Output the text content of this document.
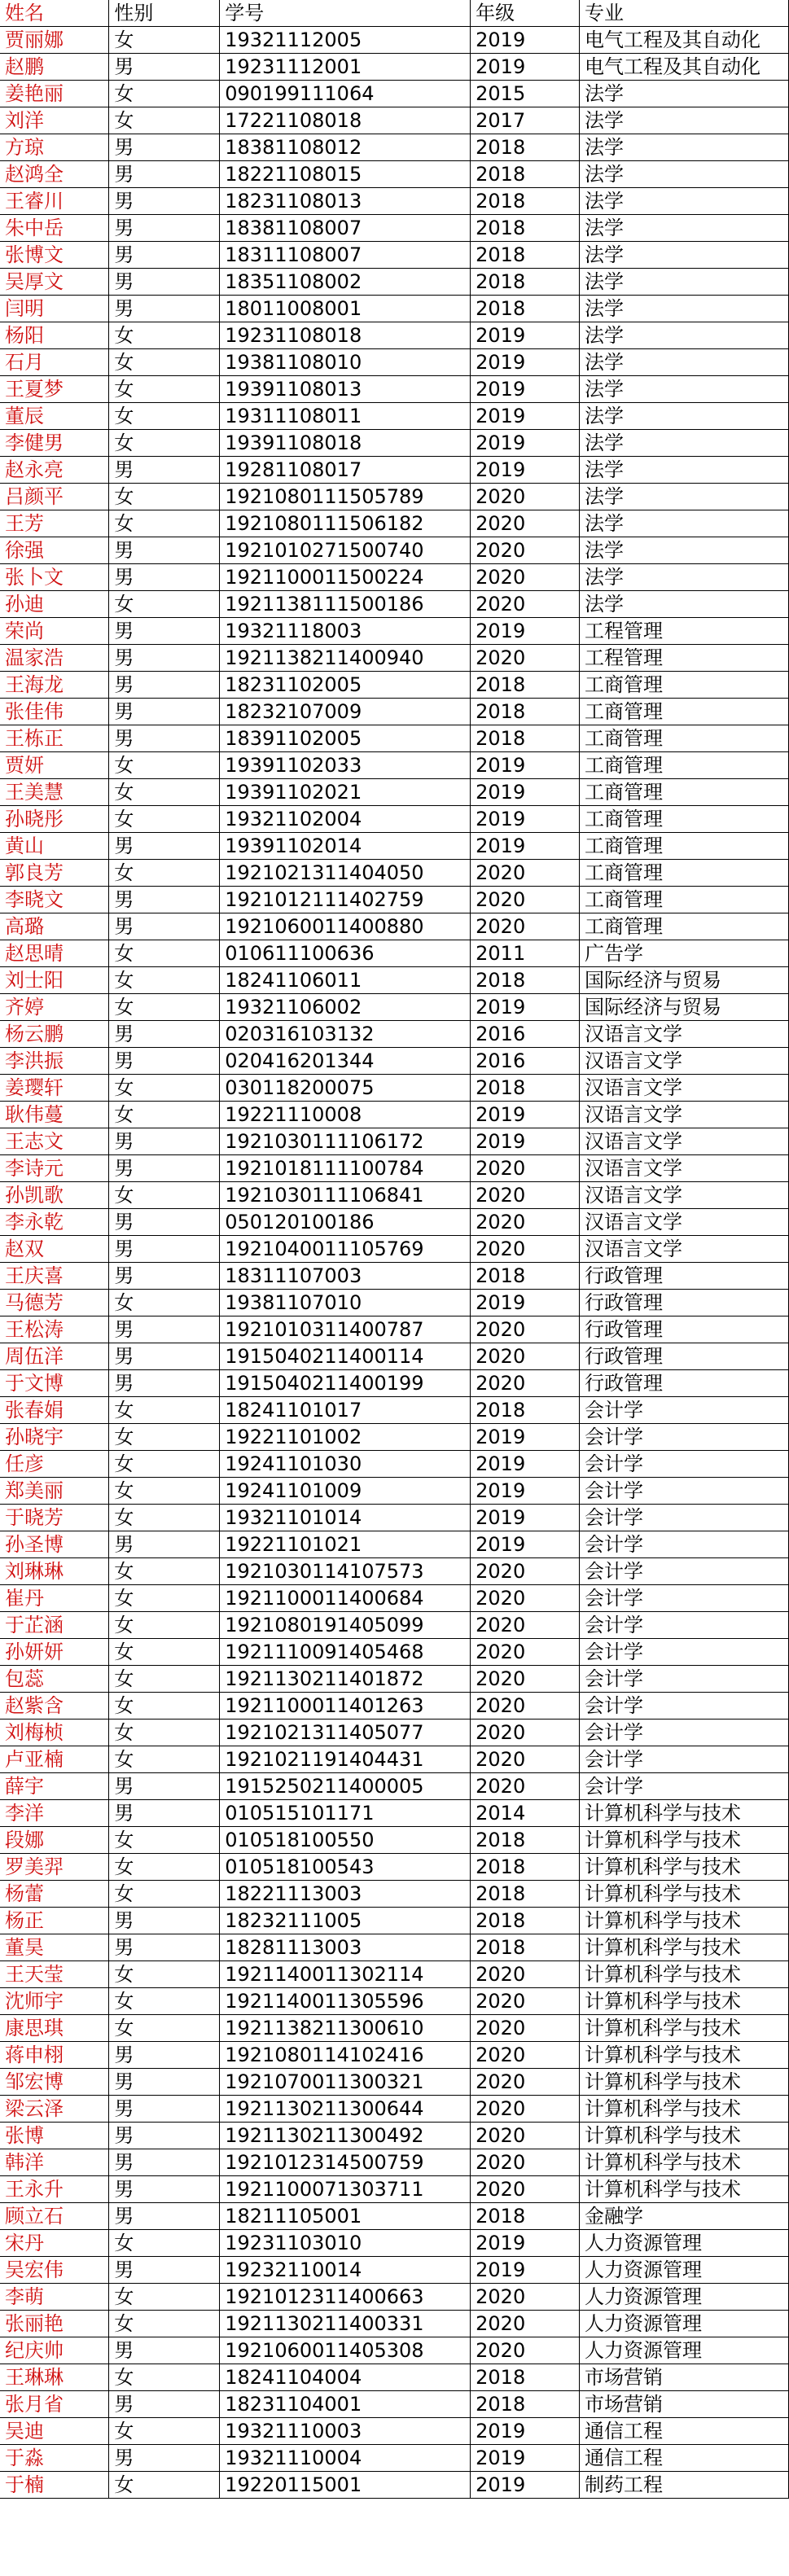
姓名	性别	学号	年级	专业
贾丽娜	女	19321112005	2019	电气工程及其自动化
赵鹏	男	19231112001	2019	电气工程及其自动化
姜艳丽	女	090199111064	2015	法学
刘洋	女	17221108018	2017	法学
方琼	男	18381108012	2018	法学
赵鸿全	男	18221108015	2018	法学
王睿川	男	18231108013	2018	法学
朱中岳	男	18381108007	2018	法学
张博文	男	18311108007	2018	法学
吴厚文	男	18351108002	2018	法学
闫明	男	18011008001	2018	法学
杨阳	女	19231108018	2019	法学
石月	女	19381108010	2019	法学
王夏梦	女	19391108013	2019	法学
董辰	女	19311108011	2019	法学
李健男	女	19391108018	2019	法学
赵永亮	男	19281108017	2019	法学
吕颜平	女	1921080111505789	2020	法学
王芳	女	1921080111506182	2020	法学
徐强	男	1921010271500740	2020	法学
张卜文	男	1921100011500224	2020	法学
孙迪	女	1921138111500186	2020	法学
荣尚	男	19321118003	2019	工程管理
温家浩	男	1921138211400940	2020	工程管理
王海龙	男	18231102005	2018	工商管理
张佳伟	男	18232107009	2018	工商管理
王栋正	男	18391102005	2018	工商管理
贾妍	女	19391102033	2019	工商管理
王美慧	女	19391102021	2019	工商管理
孙晓彤	女	19321102004	2019	工商管理
黄山	男	19391102014	2019	工商管理
郭良芳	女	1921021311404050	2020	工商管理
李晓文	男	1921012111402759	2020	工商管理
高璐	男	1921060011400880	2020	工商管理
赵思晴	女	010611100636	2011	广告学
刘士阳	女	18241106011	2018	国际经济与贸易
齐婷	女	19321106002	2019	国际经济与贸易
杨云鹏	男	020316103132	2016	汉语言文学
李洪振	男	020416201344	2016	汉语言文学
姜璎轩	女	030118200075	2018	汉语言文学
耿伟蔓	女	19221110008	2019	汉语言文学
王志文	男	1921030111106172	2019	汉语言文学
李诗元	男	1921018111100784	2020	汉语言文学
孙凯歌	女	1921030111106841	2020	汉语言文学
李永乾	男	050120100186	2020	汉语言文学
赵双	男	1921040011105769	2020	汉语言文学
王庆喜	男	18311107003	2018	行政管理
马德芳	女	19381107010	2019	行政管理
王松涛	男	1921010311400787	2020	行政管理
周伍洋	男	1915040211400114	2020	行政管理
于文博	男	1915040211400199	2020	行政管理
张春娟	女	18241101017	2018	会计学
孙晓宇	女	19221101002	2019	会计学
任彦	女	19241101030	2019	会计学
郑美丽	女	19241101009	2019	会计学
于晓芳	女	19321101014	2019	会计学
孙圣博	男	19221101021	2019	会计学
刘琳琳	女	1921030114107573	2020	会计学
崔丹	女	1921100011400684	2020	会计学
于芷涵	女	1921080191405099	2020	会计学
孙妍妍	女	1921110091405468	2020	会计学
包蕊	女	1921130211401872	2020	会计学
赵紫含	女	1921100011401263	2020	会计学
刘梅桢	女	1921021311405077	2020	会计学
卢亚楠	女	1921021191404431	2020	会计学
薛宇	男	1915250211400005	2020	会计学
李洋	男	010515101171	2014	计算机科学与技术
段娜	女	010518100550	2018	计算机科学与技术
罗美羿	女	010518100543	2018	计算机科学与技术
杨蕾	女	18221113003	2018	计算机科学与技术
杨正	男	18232111005	2018	计算机科学与技术
董昊	男	18281113003	2018	计算机科学与技术
王天莹	女	1921140011302114	2020	计算机科学与技术
沈师宇	女	1921140011305596	2020	计算机科学与技术
康思琪	女	1921138211300610	2020	计算机科学与技术
蒋申栩	男	1921080114102416	2020	计算机科学与技术
邹宏博	男	1921070011300321	2020	计算机科学与技术
梁云泽	男	1921130211300644	2020	计算机科学与技术
张博	男	1921130211300492	2020	计算机科学与技术
韩洋	男	1921012314500759	2020	计算机科学与技术
王永升	男	1921100071303711	2020	计算机科学与技术
顾立石	男	18211105001	2018	金融学
宋丹	女	19231103010	2019	人力资源管理
吴宏伟	男	19232110014	2019	人力资源管理
李萌	女	1921012311400663	2020	人力资源管理
张丽艳	女	1921130211400331	2020	人力资源管理
纪庆帅	男	1921060011405308	2020	人力资源管理
王琳琳	女	18241104004	2018	市场营销
张月省	男	18231104001	2018	市场营销
吴迪	女	19321110003	2019	通信工程
于淼	男	19321110004	2019	通信工程
于楠	女	19220115001	2019	制药工程
